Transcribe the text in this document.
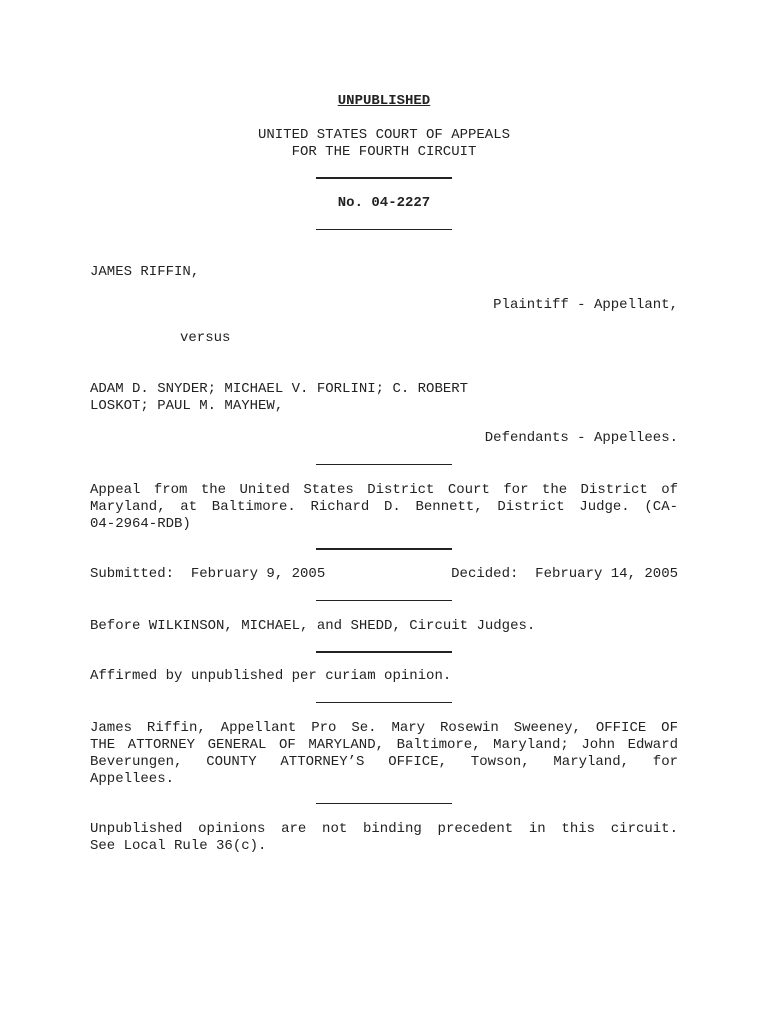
UNPUBLISHED
UNITED STATES COURT OF APPEALS
FOR THE FOURTH CIRCUIT
No. 04-2227
JAMES RIFFIN,
Plaintiff - Appellant,
versus
ADAM D. SNYDER; MICHAEL V. FORLINI; C. ROBERT
LOSKOT; PAUL M. MAYHEW,
Defendants - Appellees.
Appeal from the United States District Court for the District of
Maryland, at Baltimore. Richard D. Bennett, District Judge. (CA-
04-2964-RDB)
Submitted:  February 9, 2005	Decided:  February 14, 2005
Before WILKINSON, MICHAEL, and SHEDD, Circuit Judges.
Affirmed by unpublished per curiam opinion.
James Riffin, Appellant Pro Se. Mary Rosewin Sweeney, OFFICE OF
THE ATTORNEY GENERAL OF MARYLAND, Baltimore, Maryland; John Edward
Beverungen, COUNTY ATTORNEY’S OFFICE, Towson, Maryland, for
Appellees.
Unpublished opinions are not binding precedent in this circuit.
See Local Rule 36(c).
